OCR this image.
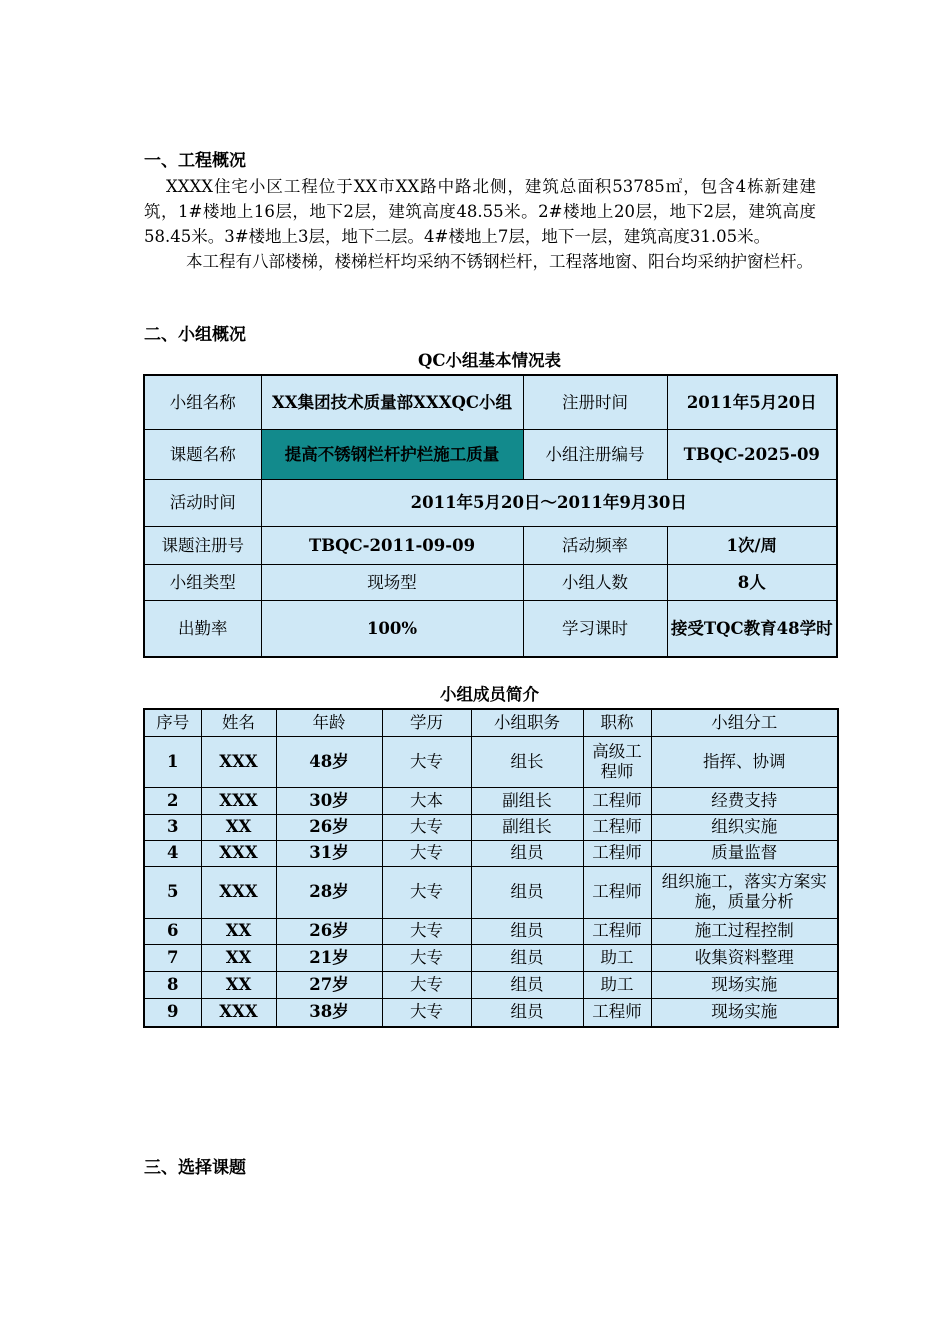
一、工程概况

XXXX住宅小区工程位于XX市XX路中路北侧，建筑总面积53785㎡，包含4栋新建建筑，1#楼地上16层，地下2层，建筑高度48.55米。2#楼地上20层，地下2层，建筑高度58.45米。3#楼地上3层，地下二层。4#楼地上7层，地下一层，建筑高度31.05米。

本工程有八部楼梯，楼梯栏杆均采纳不锈钢栏杆，工程落地窗、阳台均采纳护窗栏杆。

二、小组概况
QC小组基本情况表
小组名称	XX集团技术质量部XXXQC小组	注册时间	2011年5月20日
课题名称	提高不锈钢栏杆护栏施工质量	小组注册编号	TBQC-2025-09
活动时间	2011年5月20日～2011年9月30日		
课题注册号	TBQC-2011-09-09	活动频率	1次/周
小组类型	现场型	小组人数	8人
出勤率	100%	学习课时	接受TQC教育48学时
小组成员简介
序号	姓名	年龄	学历	小组职务	职称	小组分工
1	XXX	48岁	大专	组长	高级工程师	指挥、协调
2	XXX	30岁	大本	副组长	工程师	经费支持
3	XX	26岁	大专	副组长	工程师	组织实施
4	XXX	31岁	大专	组员	工程师	质量监督
5	XXX	28岁	大专	组员	工程师	组织施工，落实方案实施，质量分析
6	XX	26岁	大专	组员	工程师	施工过程控制
7	XX	21岁	大专	组员	助工	收集资料整理
8	XX	27岁	大专	组员	助工	现场实施
9	XXX	38岁	大专	组员	工程师	现场实施
三、选择课题
